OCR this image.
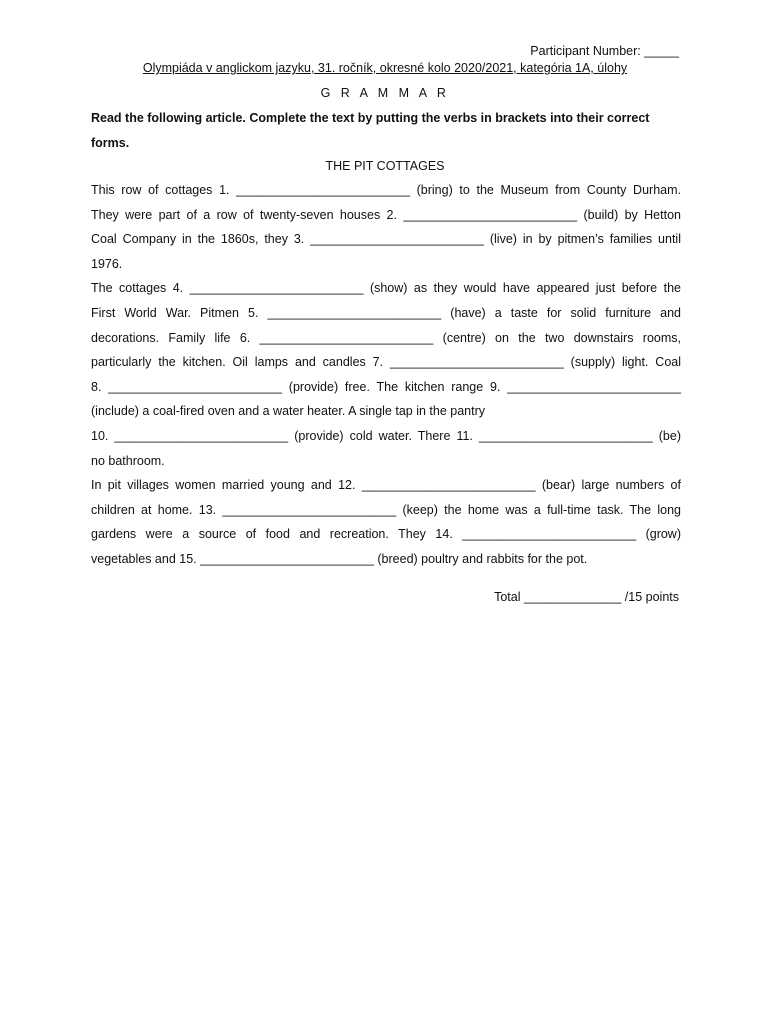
Participant Number: _____
Olympiáda v anglickom jazyku, 31. ročník, okresné kolo 2020/2021, kategória 1A, úlohy
G R A M M A R
Read the following article. Complete the text by putting the verbs in brackets into their correct forms.
THE PIT COTTAGES
This row of cottages 1. _________________________ (bring) to the Museum from County Durham.
They were part of a row of twenty-seven houses 2. _________________________ (build) by Hetton
Coal Company in the 1860s, they 3. _________________________ (live) in by pitmen’s families until
1976.
The cottages 4. _________________________ (show) as they would have appeared just before the
First World War. Pitmen 5. _________________________ (have) a taste for solid furniture and
decorations. Family life 6. _________________________ (centre) on the two downstairs rooms,
particularly the kitchen. Oil lamps and candles 7. _________________________ (supply) light. Coal
8. _________________________ (provide) free. The kitchen range 9. _________________________
(include) a coal-fired oven and a water heater. A single tap in the pantry
10. _________________________ (provide) cold water. There 11. _________________________ (be)
no bathroom.
In pit villages women married young and 12. _________________________ (bear) large numbers of
children at home. 13. _________________________ (keep) the home was a full-time task. The long
gardens were a source of food and recreation. They 14. _________________________ (grow)
vegetables and 15. _________________________ (breed) poultry and rabbits for the pot.
Total ______________ /15 points
